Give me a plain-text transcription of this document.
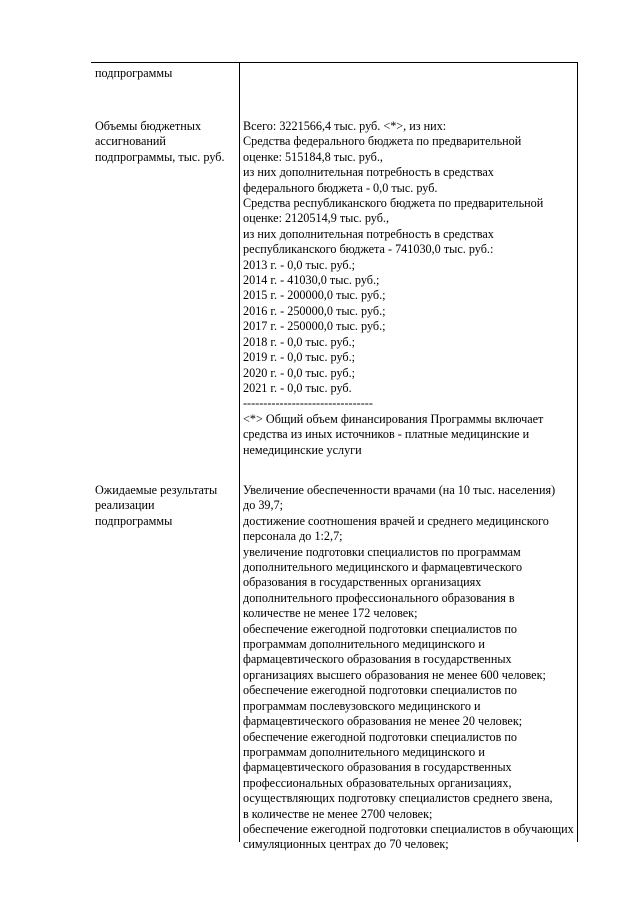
подпрограммы
Объемы бюджетных
ассигнований
подпрограммы, тыс. руб.
Всего: 3221566,4 тыс. руб. <*>, из них:
Средства федерального бюджета по предварительной
оценке: 515184,8 тыс. руб.,
из них дополнительная потребность в средствах
федерального бюджета - 0,0 тыс. руб.
Средства республиканского бюджета по предварительной
оценке: 2120514,9 тыс. руб.,
из них дополнительная потребность в средствах
республиканского бюджета - 741030,0 тыс. руб.:
2013 г. - 0,0 тыс. руб.;
2014 г. - 41030,0 тыс. руб.;
2015 г. - 200000,0 тыс. руб.;
2016 г. - 250000,0 тыс. руб.;
2017 г. - 250000,0 тыс. руб.;
2018 г. - 0,0 тыс. руб.;
2019 г. - 0,0 тыс. руб.;
2020 г. - 0,0 тыс. руб.;
2021 г. - 0,0 тыс. руб.
--------------------------------
<*> Общий объем финансирования Программы включает
средства из иных источников - платные медицинские и
немедицинские услуги
Ожидаемые результаты
реализации
подпрограммы
Увеличение обеспеченности врачами (на 10 тыс. населения)
до 39,7;
достижение соотношения врачей и среднего медицинского
персонала до 1:2,7;
увеличение подготовки специалистов по программам
дополнительного медицинского и фармацевтического
образования в государственных организациях
дополнительного профессионального образования в
количестве не менее 172 человек;
обеспечение ежегодной подготовки специалистов по
программам дополнительного медицинского и
фармацевтического образования в государственных
организациях высшего образования не менее 600 человек;
обеспечение ежегодной подготовки специалистов по
программам послевузовского медицинского и
фармацевтического образования не менее 20 человек;
обеспечение ежегодной подготовки специалистов по
программам дополнительного медицинского и
фармацевтического образования в государственных
профессиональных образовательных организациях,
осуществляющих подготовку специалистов среднего звена,
в количестве не менее 2700 человек;
обеспечение ежегодной подготовки специалистов в обучающих
симуляционных центрах до 70 человек;
